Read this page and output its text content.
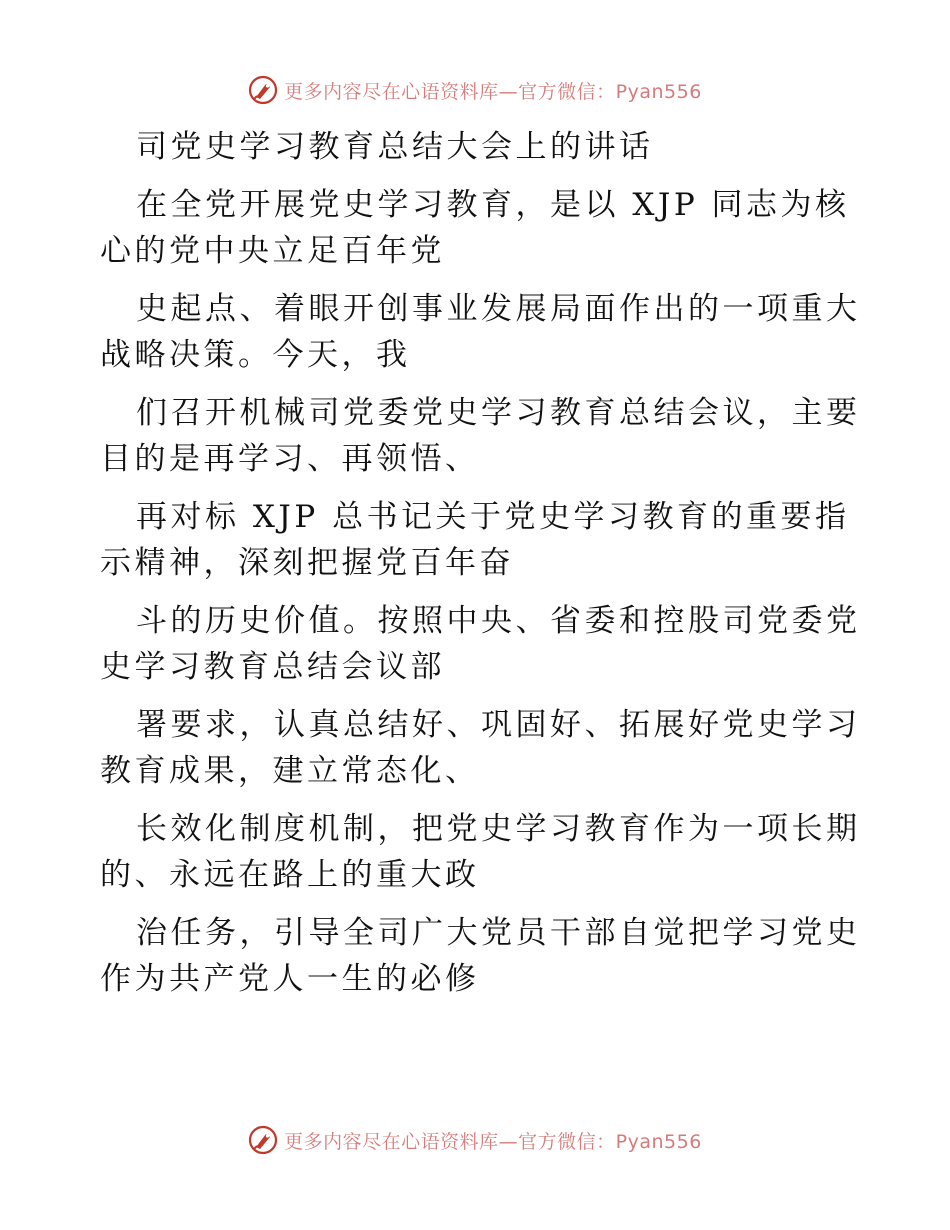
更多内容尽在心语资料库—官方微信：Pyan556
司党史学习教育总结大会上的讲话
在全党开展党史学习教育，是以 XJP 同志为核
心的党中央立足百年党
史起点、着眼开创事业发展局面作出的一项重大
战略决策。今天，我
们召开机械司党委党史学习教育总结会议，主要
目的是再学习、再领悟、
再对标 XJP 总书记关于党史学习教育的重要指
示精神，深刻把握党百年奋
斗的历史价值。按照中央、省委和控股司党委党
史学习教育总结会议部
署要求，认真总结好、巩固好、拓展好党史学习
教育成果，建立常态化、
长效化制度机制，把党史学习教育作为一项长期
的、永远在路上的重大政
治任务，引导全司广大党员干部自觉把学习党史
作为共产党人一生的必修
更多内容尽在心语资料库—官方微信：Pyan556
